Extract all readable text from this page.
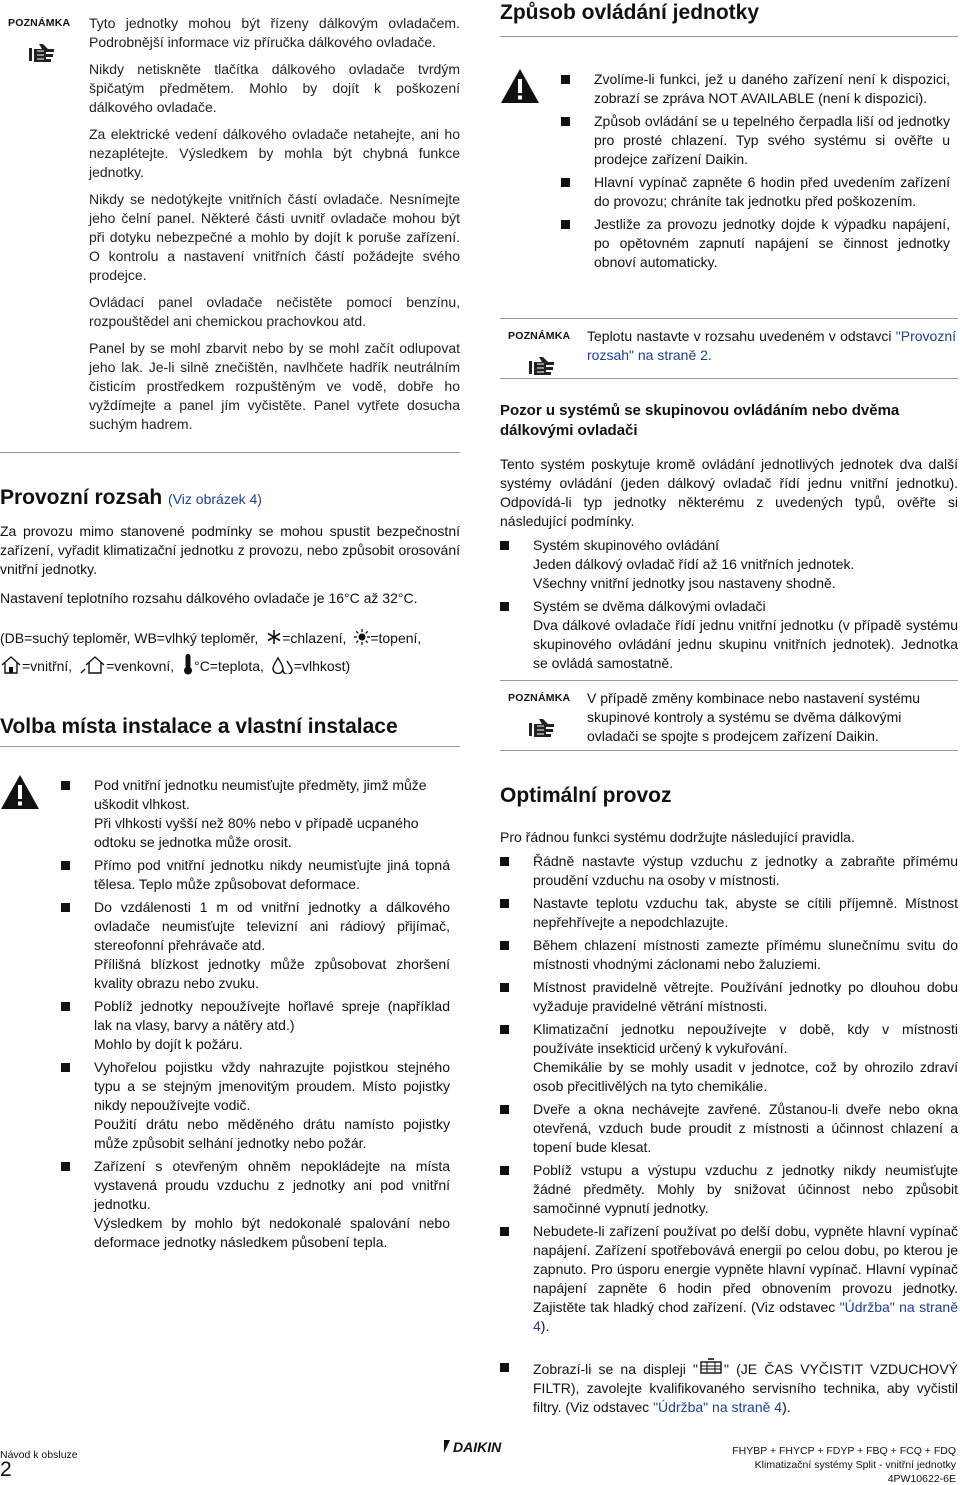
POZNÁMKA	Tyto jednotky mohou být řízeny dálkovým ovladačem. Podrobnější informace viz příručka dálkového ovladače.

Nikdy netiskněte tlačítka dálkového ovladače tvrdým špičatým předmětem. Mohlo by dojít k poškození dálkového ovladače.

Za elektrické vedení dálkového ovladače netahejte, ani ho nezaplétejte. Výsledkem by mohla být chybná funkce jednotky.

Nikdy se nedotýkejte vnitřních částí ovladače. Nesnímejte jeho čelní panel. Některé části uvnitř ovladače mohou být při dotyku nebezpečné a mohlo by dojít k poruše zařízení. O kontrolu a nastavení vnitřních částí požádejte svého prodejce.

Ovládací panel ovladače nečistěte pomocí benzínu, rozpouštědel ani chemickou prachovkou atd.

Panel by se mohl zbarvit nebo by se mohl začít odlupovat jeho lak. Je-li silně znečištěn, navlhčete hadřík neutrálním čisticím prostředkem rozpuštěným ve vodě, dobře ho vyždímejte a panel jím vyčistěte. Panel vytřete dosucha suchým hadrem.

Provozní rozsah (Viz obrázek 4)

Za provozu mimo stanovené podmínky se mohou spustit bezpečnostní zařízení, vyřadit klimatizační jednotku z provozu, nebo způsobit orosování vnitřní jednotky.

Nastavení teplotního rozsahu dálkového ovladače je 16°C až 32°C.

(DB=suchý teploměr, WB=vlhký teploměr, =chlazení, =topení,
=vnitřní, =venkovní, °C=teplota, =vlhkost)
Volba místa instalace a vlastní instalace
Pod vnitřní jednotku neumisťujte předměty, jimž může uškodit vlhkost.
Při vlhkosti vyšší než 80% nebo v případě ucpaného odtoku se jednotka může orosit.
Přímo pod vnitřní jednotku nikdy neumisťujte jiná topná tělesa. Teplo může způsobovat deformace.
Do vzdálenosti 1 m od vnitřní jednotky a dálkového ovladače neumisťujte televizní ani rádiový přijímač, stereofonní přehrávače atd.
Přílišná blízkost jednotky může způsobovat zhoršení kvality obrazu nebo zvuku.
Poblíž jednotky nepoužívejte hořlavé spreje (například lak na vlasy, barvy a nátěry atd.)
Mohlo by dojít k požáru.
Vyhořelou pojistku vždy nahrazujte pojistkou stejného typu a se stejným jmenovitým proudem. Místo pojistky nikdy nepoužívejte vodič.
Použití drátu nebo měděného drátu namísto pojistky může způsobit selhání jednotky nebo požár.
Zařízení s otevřeným ohněm nepokládejte na místa vystavená proudu vzduchu z jednotky ani pod vnitřní jednotku.
Výsledkem by mohlo být nedokonalé spalování nebo deformace jednotky následkem působení tepla.
Způsob ovládání jednotky
Zvolíme-li funkci, jež u daného zařízení není k dispozici, zobrazí se zpráva NOT AVAILABLE (není k dispozici).
Způsob ovládání se u tepelného čerpadla liší od jednotky pro prosté chlazení. Typ svého systému si ověřte u prodejce zařízení Daikin.
Hlavní vypínač zapněte 6 hodin před uvedením zařízení do provozu; chráníte tak jednotku před poškozením.
Jestliže za provozu jednotky dojde k výpadku napájení, po opětovném zapnutí napájení se činnost jednotky obnoví automaticky.
POZNÁMKA	Teplotu nastavte v rozsahu uvedeném v odstavci "Provozní rozsah" na straně 2.

Pozor u systémů se skupinovou ovládáním nebo dvěma dálkovými ovladači

Tento systém poskytuje kromě ovládání jednotlivých jednotek dva další systémy ovládání (jeden dálkový ovladač řídí jednu vnitřní jednotku). Odpovídá-li typ jednotky některému z uvedených typů, ověřte si následující podmínky.

Systém skupinového ovládání
Jeden dálkový ovladač řídí až 16 vnitřních jednotek.
Všechny vnitřní jednotky jsou nastaveny shodně.
Systém se dvěma dálkovými ovladači
Dva dálkové ovladače řídí jednu vnitřní jednotku (v případě systému skupinového ovládání jednu skupinu vnitřních jednotek). Jednotka se ovládá samostatně.
POZNÁMKA	V případě změny kombinace nebo nastavení systému skupinové kontroly a systému se dvěma dálkovými ovladači se spojte s prodejcem zařízení Daikin.

Optimální provoz

Pro řádnou funkci systému dodržujte následující pravidla.

Řádně nastavte výstup vzduchu z jednotky a zabraňte přímému proudění vzduchu na osoby v místnosti.
Nastavte teplotu vzduchu tak, abyste se cítili příjemně. Místnost nepřehřívejte a nepodchlazujte.
Během chlazení místnosti zamezte přímému slunečnímu svitu do místnosti vhodnými záclonami nebo žaluziemi.
Místnost pravidelně větrejte. Používání jednotky po dlouhou dobu vyžaduje pravidelné větrání místnosti.
Klimatizační jednotku nepoužívejte v době, kdy v místnosti používáte insekticid určený k vykuřování.
Chemikálie by se mohly usadit v jednotce, což by ohrozilo zdraví osob přecitlivělých na tyto chemikálie.
Dveře a okna nechávejte zavřené. Zůstanou-li dveře nebo okna otevřená, vzduch bude proudit z místnosti a účinnost chlazení a topení bude klesat.
Poblíž vstupu a výstupu vzduchu z jednotky nikdy neumisťujte žádné předměty. Mohly by snižovat účinnost nebo způsobit samočinné vypnutí jednotky.
Nebudete-li zařízení používat po delší dobu, vypněte hlavní vypínač napájení. Zařízení spotřebovává energii po celou dobu, po kterou je zapnuto. Pro úsporu energie vypněte hlavní vypínač. Hlavní vypínač napájení zapněte 6 hodin před obnovením provozu jednotky. Zajistěte tak hladký chod zařízení. (Viz odstavec "Údržba" na straně 4).
Zobrazí-li se na displeji " " (JE ČAS VYČISTIT VZDUCHOVÝ FILTR), zavolejte kvalifikovaného servisního technika, aby vyčistil filtry. (Viz odstavec "Údržba" na straně 4).
Návod k obsluze
2
DAIKIN	FHYBP + FHYCP + FDYP + FBQ + FCQ + FDQ
Klimatizační systémy Split - vnitřní jednotky
4PW10622-6E
